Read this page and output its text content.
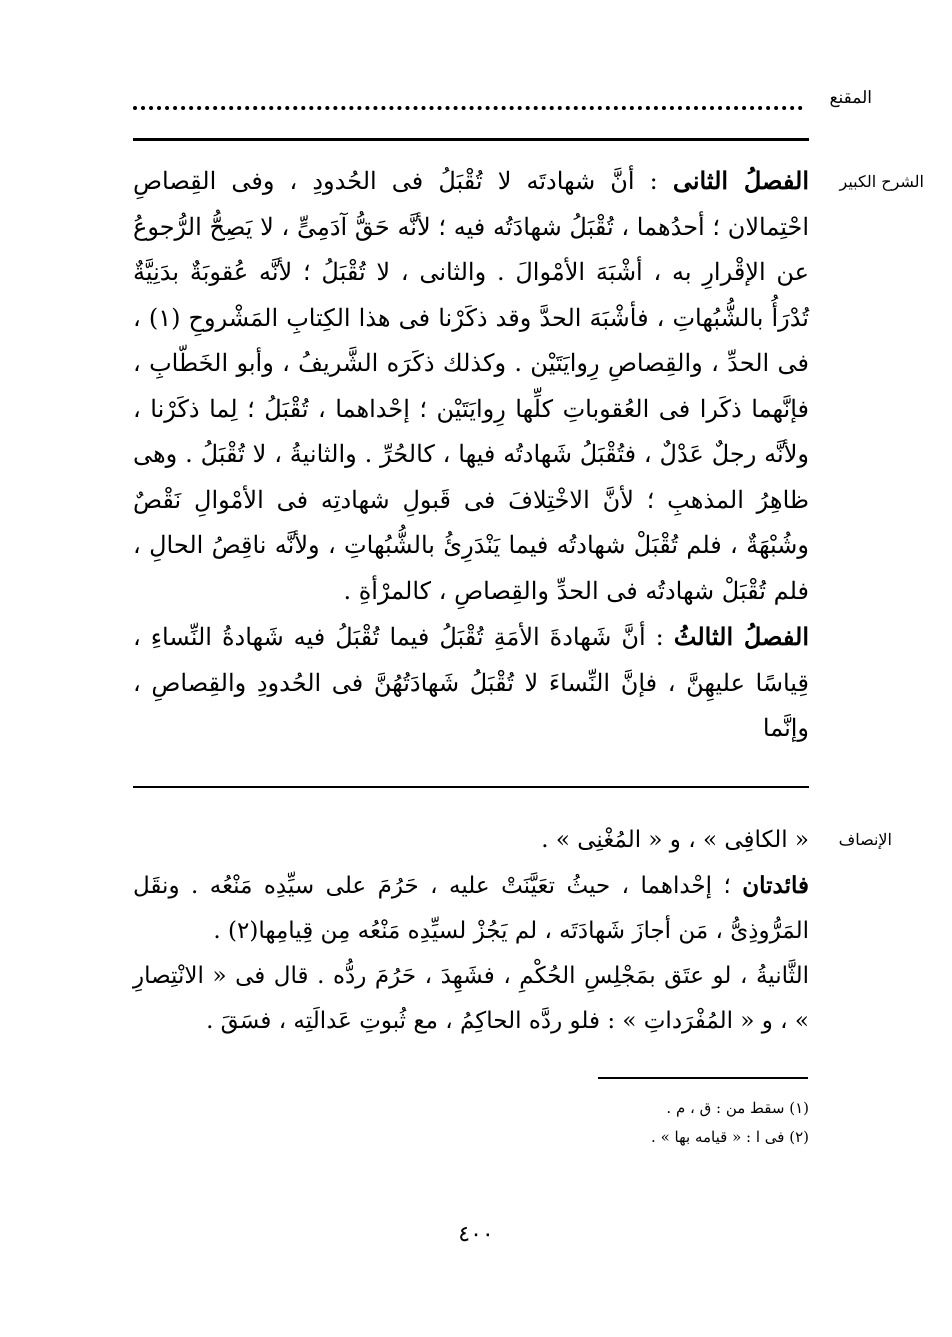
المقنع
الشرح الكبير

الفصلُ الثانى : أنَّ شهادتَه لا تُقْبَلُ فى الحُدودِ ، وفى القِصاصِ احْتِمالان ؛ أحدُهما ، تُقْبَلُ شهادَتُه فيه ؛ لأنَّه حَقُّ آدَمِىٍّ ، لا يَصِحُّ الرُّجوعُ عن الإقْرارِ به ، أشْبَهَ الأمْوالَ . والثانى ، لا تُقْبَلُ ؛ لأنَّه عُقوبَةٌ بدَنِيَّةٌ تُدْرَأُ بالشُّبُهاتِ ، فأشْبَهَ الحدَّ وقد ذكَرْنا فى هذا الكِتابِ المَشْروحِ (١) ، فى الحدِّ ، والقِصاصِ رِوايَتَيْن . وكذلك ذكَرَه الشَّريفُ ، وأبو الخَطّابِ ، فإنَّهما ذكَرا فى العُقوباتِ كلِّها رِوايَتَيْن ؛ إحْداهما ، تُقْبَلُ ؛ لِما ذكَرْنا ، ولأنَّه رجلٌ عَدْلٌ ، فتُقْبَلُ شَهادتُه فيها ، كالحُرِّ . والثانيةُ ، لا تُقْبَلُ . وهى ظاهِرُ المذهبِ ؛ لأنَّ الاخْتِلافَ فى قَبولِ شهادتِه فى الأمْوالِ نَقْصٌ وشُبْهَةٌ ، فلم تُقْبَلْ شهادتُه فيما يَنْدَرِئُ بالشُّبُهاتِ ، ولأنَّه ناقِصُ الحالِ ، فلم تُقْبَلْ شهادتُه فى الحدِّ والقِصاصِ ، كالمرْأةِ .

الفصلُ الثالثُ : أنَّ شَهادةَ الأمَةِ تُقْبَلُ فيما تُقْبَلُ فيه شَهادةُ النِّساءِ ، قِياسًا عليهِنَّ ، فإنَّ النِّساءَ لا تُقْبَلُ شَهادَتُهُنَّ فى الحُدودِ والقِصاصِ ، وإنَّما

الإنصاف

« الكافِى » ، و « المُغْنِى » .

فائدتان ؛ إحْداهما ، حيثُ تعَيَّنَتْ عليه ، حَرُمَ على سيِّدِه مَنْعُه . ونقَل المَرُّوذِىُّ ، مَن أجازَ شَهادَتَه ، لم يَجُزْ لسيِّدِه مَنْعُه مِن قِيامِها(٢) .

الثَّانيةُ ، لو عتَق بمَجْلِسِ الحُكْمِ ، فشَهِدَ ، حَرُمَ ردُّه . قال فى « الانْتِصارِ » ، و « المُفْرَداتِ » : فلو ردَّه الحاكِمُ ، مع ثُبوتِ عَدالَتِه ، فسَقَ .

(١) سقط من : ق ، م .
(٢) فى ا : « قيامه بها » .
٤٠٠
